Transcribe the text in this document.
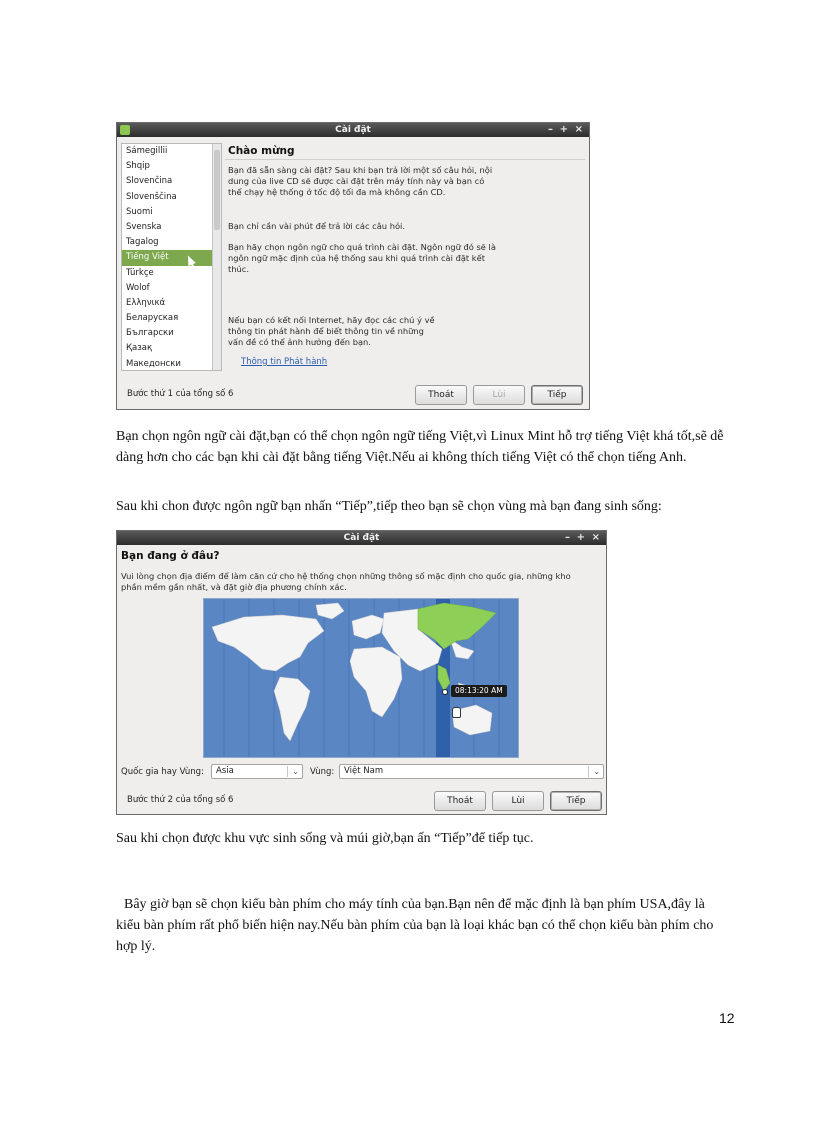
Cài đặt	– + ×
Sámegillii
Shqip
Slovenčina
Slovenščina
Suomi
Svenska
Tagalog
Tiếng Việt
Türkçe
Wolof
Ελληνικά
Беларуская
Български
Қазақ
Македонски
Chào mừng
Bạn đã sẵn sàng cài đặt? Sau khi bạn trả lời một số câu hỏi, nội dung của live CD sẽ được cài đặt trên máy tính này và bạn có thể chạy hệ thống ở tốc độ tối đa mà không cần CD.
Bạn chỉ cần vài phút để trả lời các câu hỏi.
Bạn hãy chọn ngôn ngữ cho quá trình cài đặt. Ngôn ngữ đó sẽ là ngôn ngữ mặc định của hệ thống sau khi quá trình cài đặt kết thúc.
Nếu bạn có kết nối Internet, hãy đọc các chú ý về thông tin phát hành để biết thông tin về những vấn đề có thể ảnh hưởng đến bạn.
Thông tin Phát hành
Bước thứ 1 của tổng số 6	Thoát	Lùi	Tiếp
Bạn chọn ngôn ngữ cài đặt,bạn có thể chọn ngôn ngữ tiếng Việt,vì Linux Mint hỗ trợ tiếng Việt khá tốt,sẽ dễ dàng hơn cho các bạn khi cài đặt bằng tiếng Việt.Nếu ai không thích tiếng Việt có thể chọn tiếng Anh.
Sau khi chon được ngôn ngữ bạn nhấn “Tiếp”,tiếp theo bạn sẽ chọn vùng mà bạn đang sinh sống:
Cài đặt	– + ×
Bạn đang ở đâu?
Vui lòng chọn địa điểm để làm căn cứ cho hệ thống chọn những thông số mặc định cho quốc gia, những kho phần mềm gần nhất, và đặt giờ địa phương chính xác.
08:13:20 AM
Quốc gia hay Vùng:	Asia	⌄ Vùng:	Việt Nam	⌄
Bước thứ 2 của tổng số 6	Thoát	Lùi	Tiếp
Sau khi chọn được khu vực sinh sống và múi giờ,bạn ấn “Tiếp”để tiếp tục.
Bây giờ bạn sẽ chọn kiểu bàn phím cho máy tính của bạn.Bạn nên để mặc định là bạn phím USA,đây là kiểu bàn phím rất phổ biến hiện nay.Nếu bàn phím của bạn là loại khác bạn có thể chọn kiểu bàn phím cho hợp lý.
12
